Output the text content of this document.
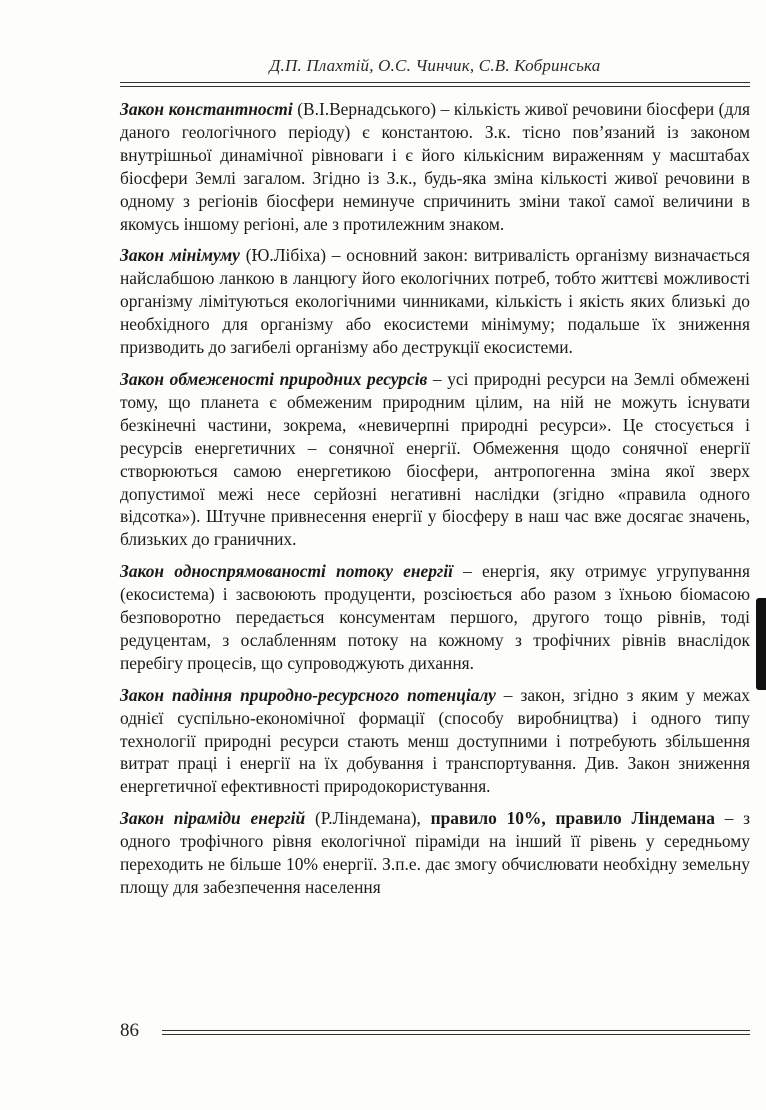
Д.П. Плахтій, О.С. Чинчик, С.В. Кобринська

Закон константності (В.І.Вернадського) – кількість живої речовини біосфери (для даного геологічного періоду) є константою. З.к. тісно пов’язаний із законом внутрішньої динамічної рівноваги і є його кількісним вираженням у масштабах біосфери Землі загалом. Згідно із З.к., будь-яка зміна кількості живої речовини в одному з регіонів біосфери неминуче спричинить зміни такої самої величини в якомусь іншому регіоні, але з протилежним знаком.

Закон мінімуму (Ю.Лібіха) – основний закон: витривалість організму визначається найслабшою ланкою в ланцюгу його екологічних потреб, тобто життєві можливості організму лімітуються екологічними чинниками, кількість і якість яких близькі до необхідного для організму або екосистеми мінімуму; подальше їх зниження призводить до загибелі організму або деструкції екосистеми.

Закон обмеженості природних ресурсів – усі природні ресурси на Землі обмежені тому, що планета є обмеженим природним цілим, на ній не можуть існувати безкінечні частини, зокрема, «невичерпні природні ресурси». Це стосується і ресурсів енергетичних – сонячної енергії. Обмеження щодо сонячної енергії створюються самою енергетикою біосфери, антропогенна зміна якої зверх допустимої межі несе серйозні негативні наслідки (згідно «правила одного відсотка»). Штучне привнесення енергії у біосферу в наш час вже досягає значень, близьких до граничних.

Закон односпрямованості потоку енергії – енергія, яку отримує угрупування (екосистема) і засвоюють продуценти, розсіюється або разом з їхньою біомасою безповоротно передається консументам першого, другого тощо рівнів, тоді редуцентам, з ослабленням потоку на кожному з трофічних рівнів внаслідок перебігу процесів, що супроводжують дихання.

Закон падіння природно-ресурсного потенціалу – закон, згідно з яким у межах однієї суспільно-економічної формації (способу виробництва) і одного типу технології природні ресурси стають менш доступними і потребують збільшення витрат праці і енергії на їх добування і транспортування. Див. Закон зниження енергетичної ефективності природокористування.

Закон піраміди енергій (Р.Ліндемана), правило 10%, правило Ліндемана – з одного трофічного рівня екологічної піраміди на інший її рівень у середньому переходить не більше 10% енергії. З.п.е. дає змогу обчислювати необхідну земельну площу для забезпечення населення

86
